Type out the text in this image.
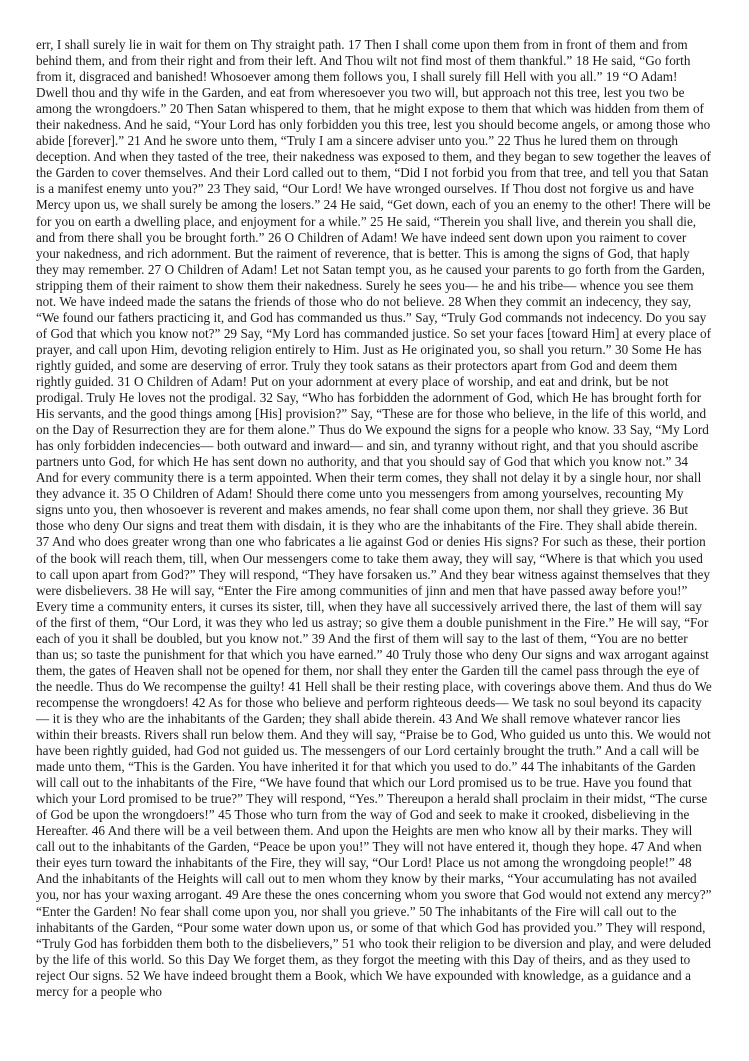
err, I shall surely lie in wait for them on Thy straight path. 17 Then I shall come upon them from in front of them and from behind them, and from their right and from their left. And Thou wilt not find most of them thankful.” 18 He said, “Go forth from it, disgraced and banished! Whosoever among them follows you, I shall surely fill Hell with you all.” 19 “O Adam! Dwell thou and thy wife in the Garden, and eat from wheresoever you two will, but approach not this tree, lest you two be among the wrongdoers.” 20 Then Satan whispered to them, that he might expose to them that which was hidden from them of their nakedness. And he said, “Your Lord has only forbidden you this tree, lest you should become angels, or among those who abide [forever].” 21 And he swore unto them, “Truly I am a sincere adviser unto you.” 22 Thus he lured them on through deception. And when they tasted of the tree, their nakedness was exposed to them, and they began to sew together the leaves of the Garden to cover themselves. And their Lord called out to them, “Did I not forbid you from that tree, and tell you that Satan is a manifest enemy unto you?” 23 They said, “Our Lord! We have wronged ourselves. If Thou dost not forgive us and have Mercy upon us, we shall surely be among the losers.” 24 He said, “Get down, each of you an enemy to the other! There will be for you on earth a dwelling place, and enjoyment for a while.” 25 He said, “Therein you shall live, and therein you shall die, and from there shall you be brought forth.” 26 O Children of Adam! We have indeed sent down upon you raiment to cover your nakedness, and rich adornment. But the raiment of reverence, that is better. This is among the signs of God, that haply they may remember. 27 O Children of Adam! Let not Satan tempt you, as he caused your parents to go forth from the Garden, stripping them of their raiment to show them their nakedness. Surely he sees you— he and his tribe— whence you see them not. We have indeed made the satans the friends of those who do not believe. 28 When they commit an indecency, they say, “We found our fathers practicing it, and God has commanded us thus.” Say, “Truly God commands not indecency. Do you say of God that which you know not?” 29 Say, “My Lord has commanded justice. So set your faces [toward Him] at every place of prayer, and call upon Him, devoting religion entirely to Him. Just as He originated you, so shall you return.” 30 Some He has rightly guided, and some are deserving of error. Truly they took satans as their protectors apart from God and deem them rightly guided. 31 O Children of Adam! Put on your adornment at every place of worship, and eat and drink, but be not prodigal. Truly He loves not the prodigal. 32 Say, “Who has forbidden the adornment of God, which He has brought forth for His servants, and the good things among [His] provision?” Say, “These are for those who believe, in the life of this world, and on the Day of Resurrection they are for them alone.” Thus do We expound the signs for a people who know. 33 Say, “My Lord has only forbidden indecencies— both outward and inward— and sin, and tyranny without right, and that you should ascribe partners unto God, for which He has sent down no authority, and that you should say of God that which you know not.” 34 And for every community there is a term appointed. When their term comes, they shall not delay it by a single hour, nor shall they advance it. 35 O Children of Adam! Should there come unto you messengers from among yourselves, recounting My signs unto you, then whosoever is reverent and makes amends, no fear shall come upon them, nor shall they grieve. 36 But those who deny Our signs and treat them with disdain, it is they who are the inhabitants of the Fire. They shall abide therein. 37 And who does greater wrong than one who fabricates a lie against God or denies His signs? For such as these, their portion of the book will reach them, till, when Our messengers come to take them away, they will say, “Where is that which you used to call upon apart from God?” They will respond, “They have forsaken us.” And they bear witness against themselves that they were disbelievers. 38 He will say, “Enter the Fire among communities of jinn and men that have passed away before you!” Every time a community enters, it curses its sister, till, when they have all successively arrived there, the last of them will say of the first of them, “Our Lord, it was they who led us astray; so give them a double punishment in the Fire.” He will say, “For each of you it shall be doubled, but you know not.” 39 And the first of them will say to the last of them, “You are no better than us; so taste the punishment for that which you have earned.” 40 Truly those who deny Our signs and wax arrogant against them, the gates of Heaven shall not be opened for them, nor shall they enter the Garden till the camel pass through the eye of the needle. Thus do We recompense the guilty! 41 Hell shall be their resting place, with coverings above them. And thus do We recompense the wrongdoers! 42 As for those who believe and perform righteous deeds— We task no soul beyond its capacity— it is they who are the inhabitants of the Garden; they shall abide therein. 43 And We shall remove whatever rancor lies within their breasts. Rivers shall run below them. And they will say, “Praise be to God, Who guided us unto this. We would not have been rightly guided, had God not guided us. The messengers of our Lord certainly brought the truth.” And a call will be made unto them, “This is the Garden. You have inherited it for that which you used to do.” 44 The inhabitants of the Garden will call out to the inhabitants of the Fire, “We have found that which our Lord promised us to be true. Have you found that which your Lord promised to be true?” They will respond, “Yes.” Thereupon a herald shall proclaim in their midst, “The curse of God be upon the wrongdoers!” 45 Those who turn from the way of God and seek to make it crooked, disbelieving in the Hereafter. 46 And there will be a veil between them. And upon the Heights are men who know all by their marks. They will call out to the inhabitants of the Garden, “Peace be upon you!” They will not have entered it, though they hope. 47 And when their eyes turn toward the inhabitants of the Fire, they will say, “Our Lord! Place us not among the wrongdoing people!” 48 And the inhabitants of the Heights will call out to men whom they know by their marks, “Your accumulating has not availed you, nor has your waxing arrogant. 49 Are these the ones concerning whom you swore that God would not extend any mercy?” “Enter the Garden! No fear shall come upon you, nor shall you grieve.” 50 The inhabitants of the Fire will call out to the inhabitants of the Garden, “Pour some water down upon us, or some of that which God has provided you.” They will respond, “Truly God has forbidden them both to the disbelievers,” 51 who took their religion to be diversion and play, and were deluded by the life of this world. So this Day We forget them, as they forgot the meeting with this Day of theirs, and as they used to reject Our signs. 52 We have indeed brought them a Book, which We have expounded with knowledge, as a guidance and a mercy for a people who
